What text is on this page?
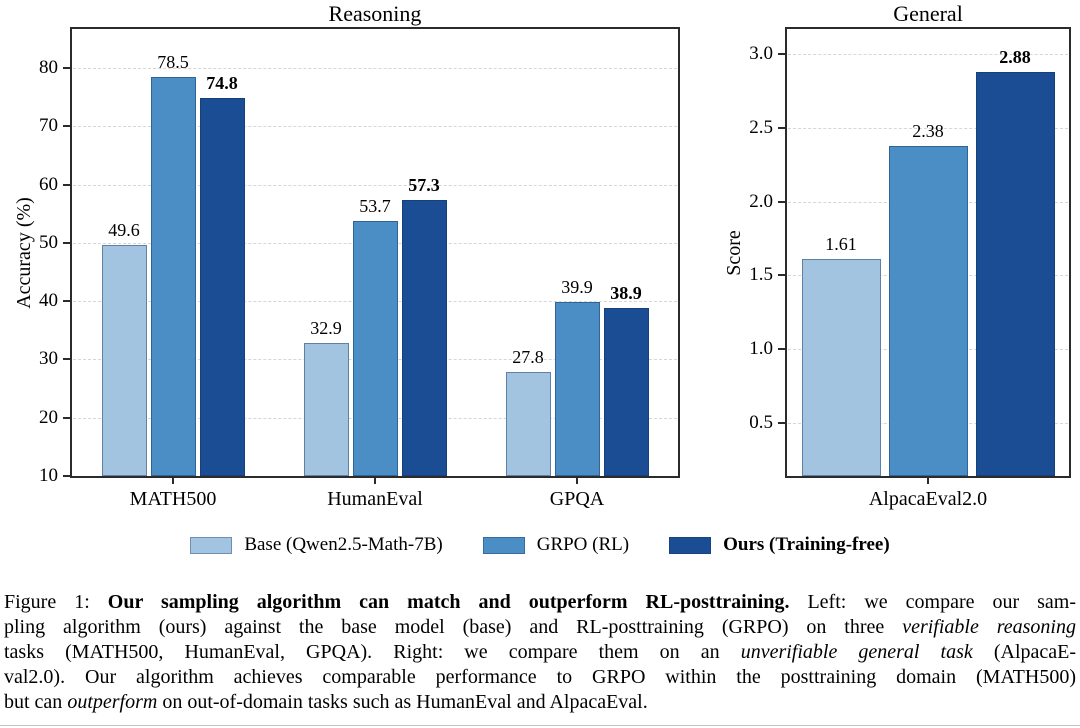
Reasoning
Accuracy (%)
10
20
30
40
50
60
70
80
MATH500
49.6
78.5
74.8
HumanEval
32.9
53.7
57.3
GPQA
27.8
39.9 38.9
General
Score
0.5
1.0
1.5
2.0
2.5
3.0
AlpacaEval2.0
1.61
2.38
2.88
Base (Qwen2.5-Math-7B)	GRPO (RL)	Ours (Training-free)
Figure 1: Our sampling algorithm can match and outperform RL-posttraining. Left: we compare our sam-
pling algorithm (ours) against the base model (base) and RL-posttraining (GRPO) on three verifiable reasoning
tasks (MATH500, HumanEval, GPQA). Right: we compare them on an unverifiable general task (AlpacaE-
val2.0). Our algorithm achieves comparable performance to GRPO within the posttraining domain (MATH500)
but can outperform on out-of-domain tasks such as HumanEval and AlpacaEval.
